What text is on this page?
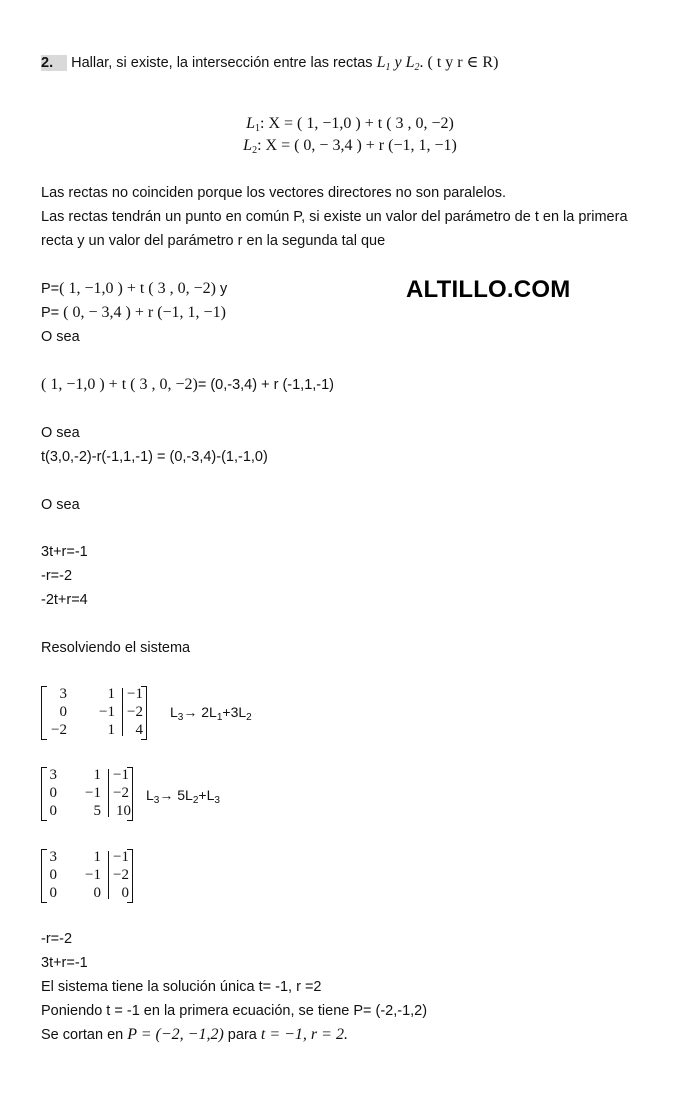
2. Hallar, si existe, la intersección entre las rectas $L_1$ y $L_2$. ( t y r ∈ R)
$L_1$: X = ( 1, −1,0 ) + t ( 3 , 0, −2)
$L_2$: X = ( 0, − 3,4 ) + r (−1, 1, −1)
Las rectas no coinciden porque los vectores directores no son paralelos.
Las rectas tendrán un punto en común P, si existe un valor del parámetro de t en la primera
recta y un valor del parámetro r en la segunda tal que
P=( 1, −1,0 ) + t ( 3 , 0, −2) y
P= ( 0, − 3,4 ) + r (−1, 1, −1)
ALTILLO.COM
O sea
( 1, −1,0 ) + t ( 3 , 0, −2)= (0,-3,4) + r (-1,1,-1)
O sea
t(3,0,-2)-r(-1,1,-1) = (0,-3,4)-(1,-1,0)
O sea
3t+r=-1
-r=-2
-2t+r=4
Resolviendo el sistema
3	1 −1
0	−1 −2
−2	1	4
$L_3\to 2L_1+3L_2$
3	1 −1
0	−1 −2
0	5	10
$L_3\to 5L_2+L_3$
3	1 −1
0	−1 −2
0	0	0
-r=-2
3t+r=-1
El sistema tiene la solución única t= -1, r =2
Poniendo t = -1 en la primera ecuación, se tiene P= (-2,-1,2)
Se cortan en P = (−2, −1,2) para t = −1, r = 2.
